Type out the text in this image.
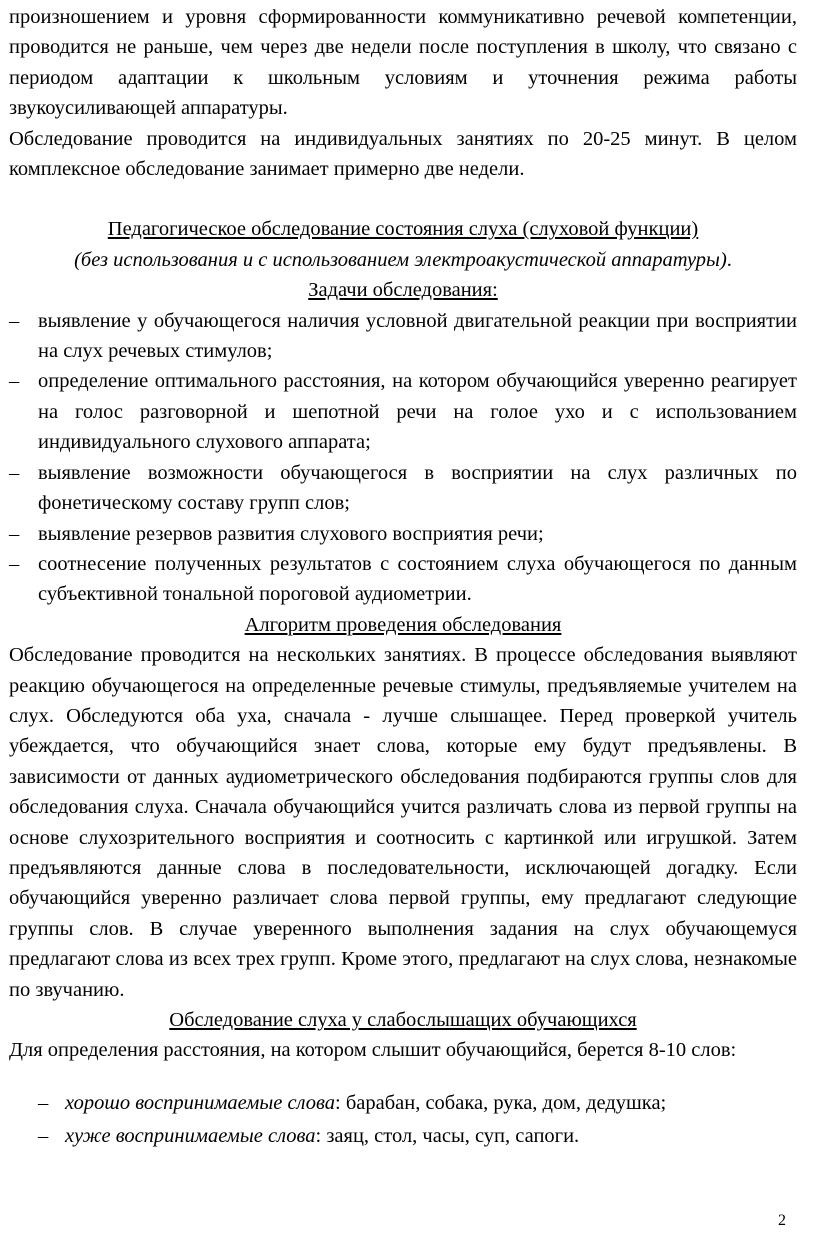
произношением и уровня сформированности коммуникативно речевой компетенции, проводится не раньше, чем через две недели после поступления в школу, что связано с периодом адаптации к школьным условиям и уточнения режима работы звукоусиливающей аппаратуры.

Обследование проводится на индивидуальных занятиях по 20-25 минут. В целом комплексное обследование занимает примерно две недели.

Педагогическое обследование состояния слуха (слуховой функции)

(без использования и с использованием электроакустической аппаратуры).

Задачи обследования:

– выявление у обучающегося наличия условной двигательной реакции при восприятии на слух речевых стимулов;
– определение оптимального расстояния, на котором обучающийся уверенно реагирует на голос разговорной и шепотной речи на голое ухо и с использованием индивидуального слухового аппарата;
– выявление возможности обучающегося в восприятии на слух различных по фонетическому составу групп слов;
– выявление резервов развития слухового восприятия речи;
– соотнесение полученных результатов с состоянием слуха обучающегося по данным субъективной тональной пороговой аудиометрии.

Алгоритм проведения обследования

Обследование проводится на нескольких занятиях. В процессе обследования выявляют реакцию обучающегося на определенные речевые стимулы, предъявляемые учителем на слух. Обследуются оба уха, сначала - лучше слышащее. Перед проверкой учитель убеждается, что обучающийся знает слова, которые ему будут предъявлены. В зависимости от данных аудиометрического обследования подбираются группы слов для обследования слуха. Сначала обучающийся учится различать слова из первой группы на основе слухозрительного восприятия и соотносить с картинкой или игрушкой. Затем предъявляются данные слова в последовательности, исключающей догадку. Если обучающийся уверенно различает слова первой группы, ему предлагают следующие группы слов. В случае уверенного выполнения задания на слух обучающемуся предлагают слова из всех трех групп. Кроме этого, предлагают на слух слова, незнакомые по звучанию.

Обследование слуха у слабослышащих обучающихся

Для определения расстояния, на котором слышит обучающийся, берется 8-10 слов:

– хорошо воспринимаемые слова: барабан, собака, рука, дом, дедушка;
– хуже воспринимаемые слова: заяц, стол, часы, суп, сапоги.
2
